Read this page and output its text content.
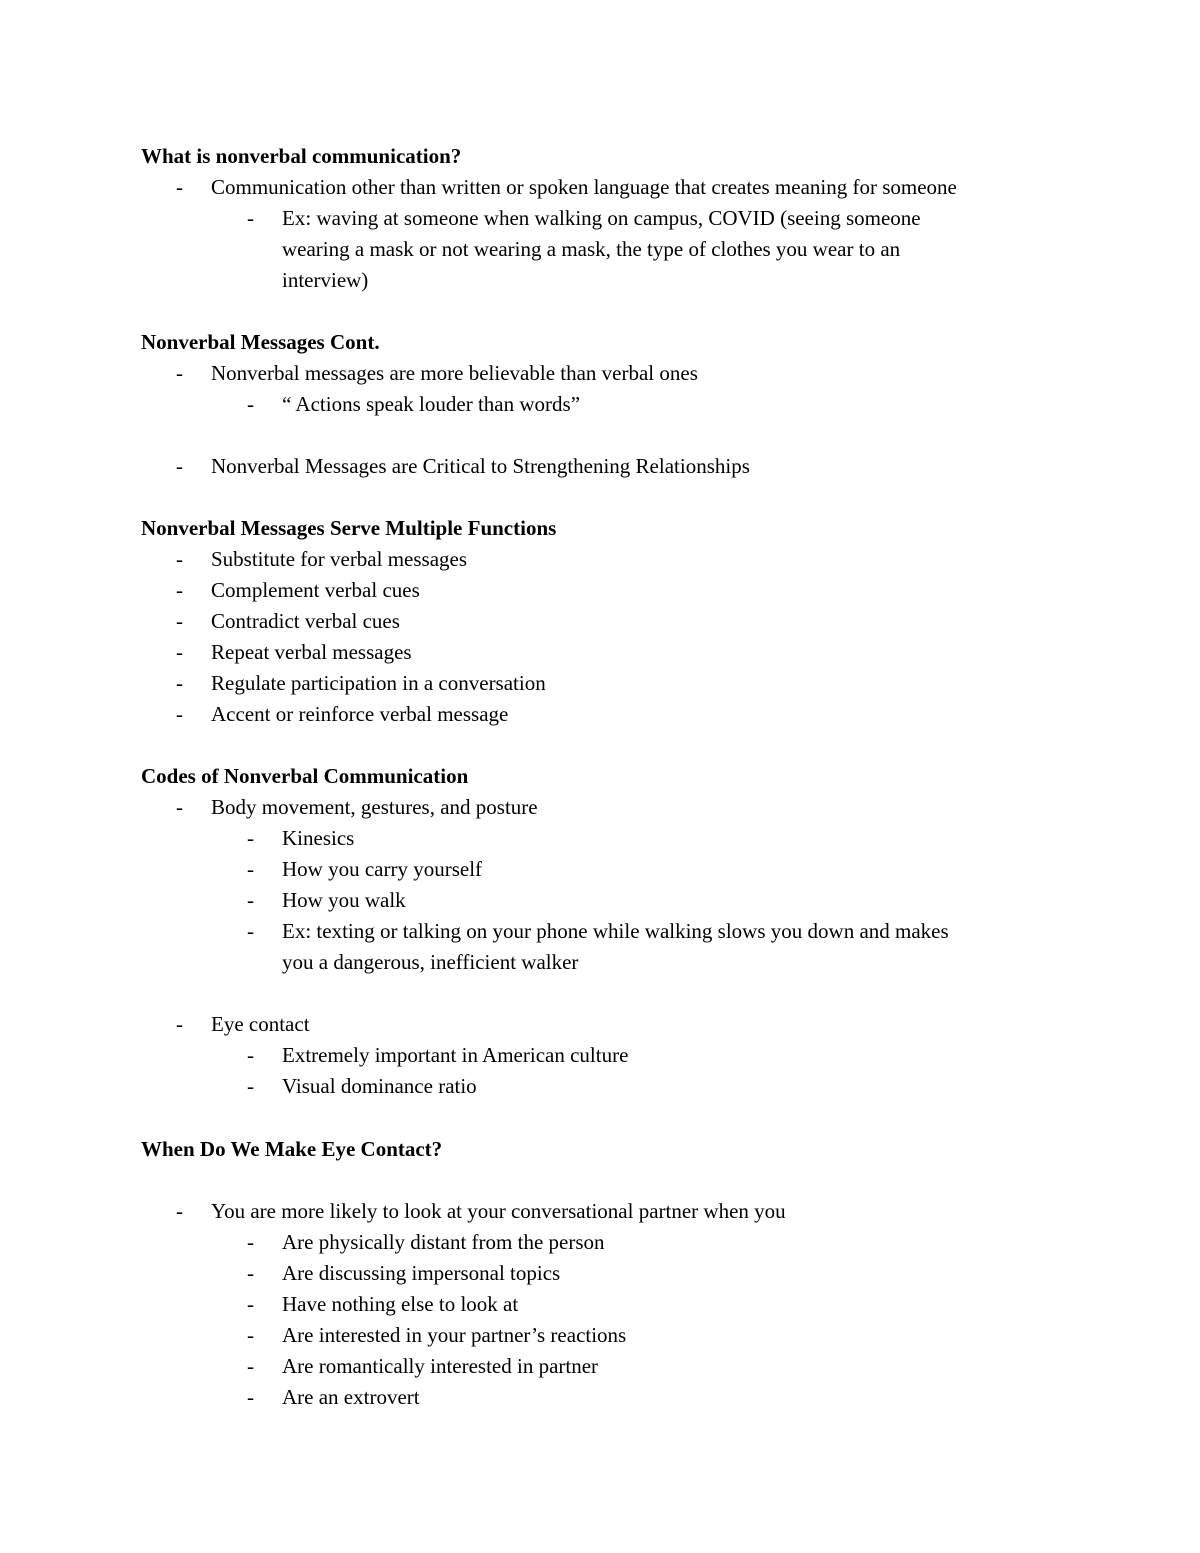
What is nonverbal communication?
- Communication other than written or spoken language that creates meaning for someone
- Ex: waving at someone when walking on campus, COVID (seeing someone
wearing a mask or not wearing a mask, the type of clothes you wear to an
interview)
Nonverbal Messages Cont.
- Nonverbal messages are more believable than verbal ones
- “ Actions speak louder than words”
- Nonverbal Messages are Critical to Strengthening Relationships
Nonverbal Messages Serve Multiple Functions
- Substitute for verbal messages
- Complement verbal cues
- Contradict verbal cues
- Repeat verbal messages
- Regulate participation in a conversation
- Accent or reinforce verbal message
Codes of Nonverbal Communication
- Body movement, gestures, and posture
- Kinesics
- How you carry yourself
- How you walk
- Ex: texting or talking on your phone while walking slows you down and makes
you a dangerous, inefficient walker
- Eye contact
- Extremely important in American culture
- Visual dominance ratio
When Do We Make Eye Contact?
- You are more likely to look at your conversational partner when you
- Are physically distant from the person
- Are discussing impersonal topics
- Have nothing else to look at
- Are interested in your partner’s reactions
- Are romantically interested in partner
- Are an extrovert
